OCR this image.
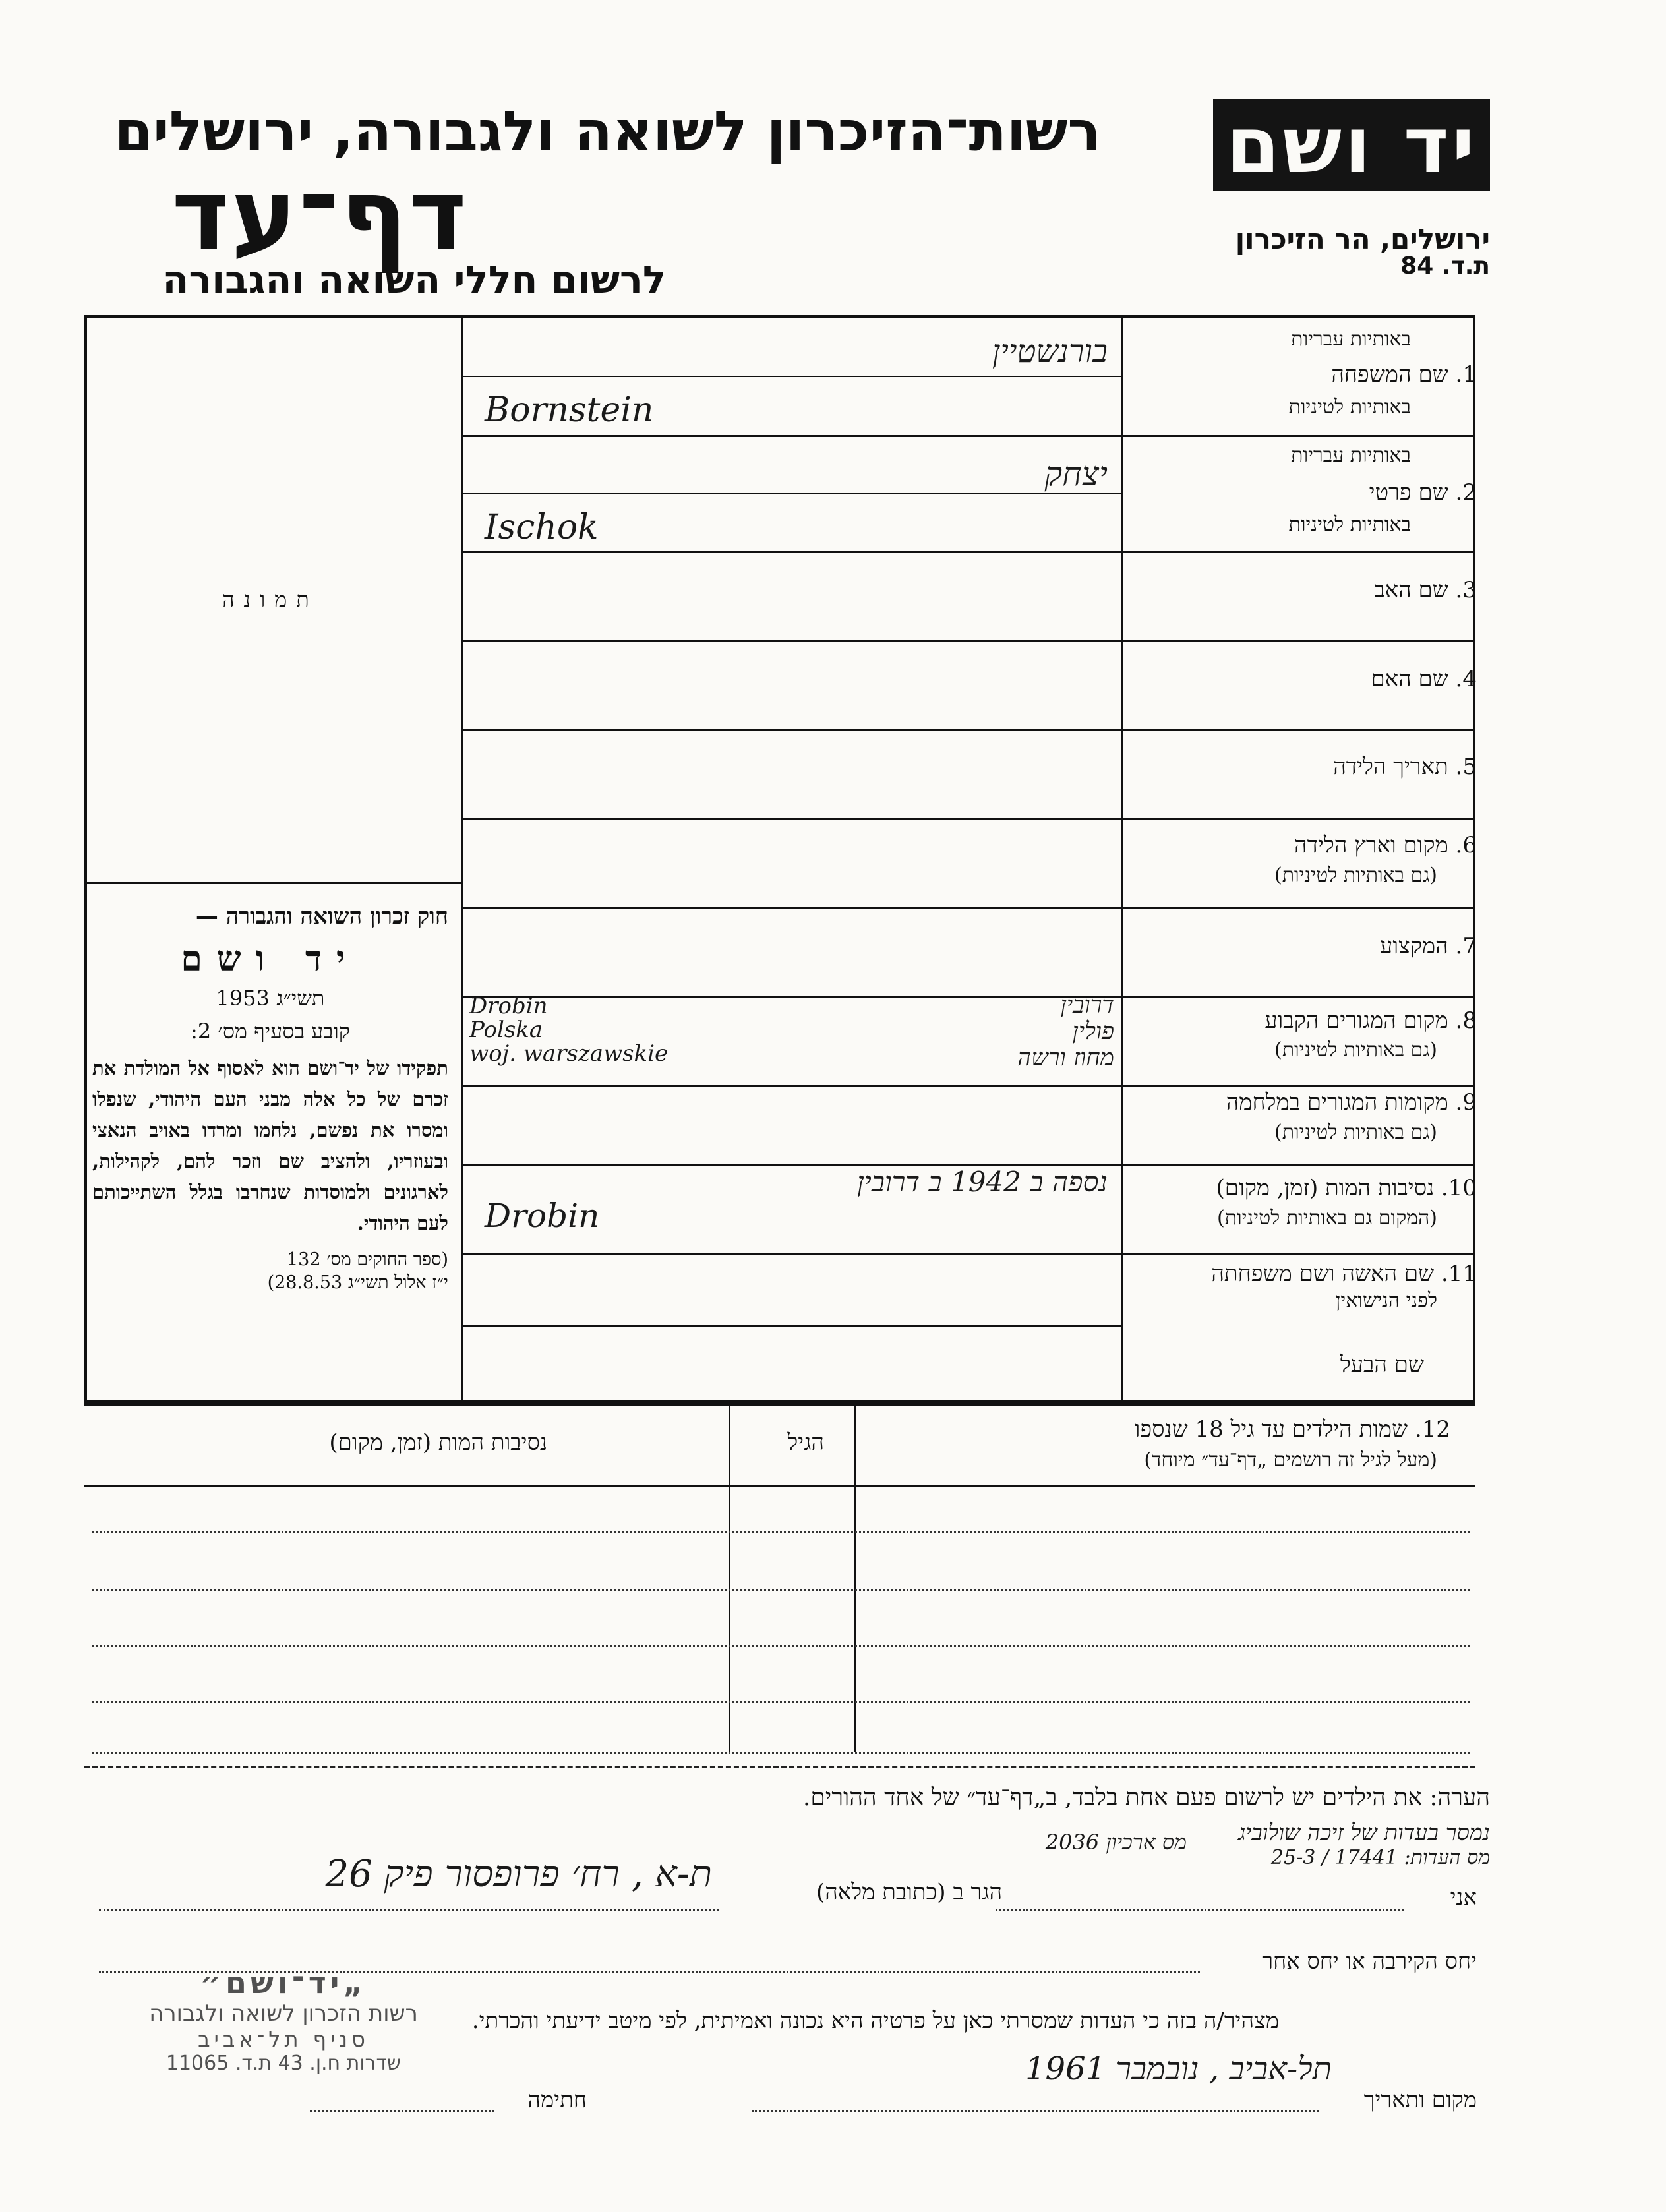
יד ושם
רשות־הזיכרון לשואה ולגבורה, ירושלים
דף־עד
לרשום חללי השואה והגבורה
ירושלים, הר הזיכרון
ת.ד. 84
תמונה
באותיות עבריות
1. שם המשפחה
באותיות לטיניות
באותיות עבריות
2. שם פרטי
באותיות לטיניות
3. שם האב
4. שם האם
5. תאריך הלידה
6. מקום וארץ הלידה
(גם באותיות לטיניות)
7. המקצוע
8. מקום המגורים הקבוע
(גם באותיות לטיניות)
9. מקומות המגורים במלחמה
(גם באותיות לטיניות)
10. נסיבות המות (זמן, מקום)
(המקום גם באותיות לטיניות)
11. שם האשה ושם משפחתה
לפני הנישואין
שם הבעל
בורנשטיין
Bornstein
יצחק
Ischok
Drobin
Polska
woj. warszawskie
דרובין
פולין
מחוז ורשה
נספה ב 1942 ב דרובין
Drobin
חוק זכרון השואה והגבורה —
יד ושם
תשי״ג 1953
קובע בסעיף מס׳ 2:
תפקידו של יד־ושם הוא לאסוף אל המולדת את זכרם של כל אלה מבני העם היהודי, שנפלו ומסרו את נפשם, נלחמו ומרדו באויב הנאצי ובעוזריו, ולהציב שם וזכר להם, לקהילות, לארגונים ולמוסדות שנחרבו בגלל השתייכותם לעם היהודי.
(ספר החוקים מס׳ 132
י״ז אלול תשי״ג 28.8.53)
12. שמות הילדים עד גיל 18 שנספו
(מעל לגיל זה רושמים „דף־עד״ מיוחד)
הגיל
נסיבות המות (זמן, מקום)
הערה: את הילדים יש לרשום פעם אחת בלבד, ב„דף־עד״ של אחד ההורים.
נמסר בעדות של זיכה שולוביג
מס העדות: 17441 / 25-3
מס ארכיון 2036
אני
הגר ב (כתובת מלאה)
ת-א , רח׳ פרופסור פיק 26
יחס הקירבה או יחס אחר
מצהיר/ה בזה כי העדות שמסרתי כאן על פרטיה היא נכונה ואמיתית, לפי מיטב ידיעתי והכרתי.
מקום ותאריך
תל-אביב , נובמבר 1961
חתימה
„יד־ושם״
רשות הזכרון לשואה ולגבורה
סניף תל־אביב
שדרות ח.ן. 43 ת.ד. 11065
